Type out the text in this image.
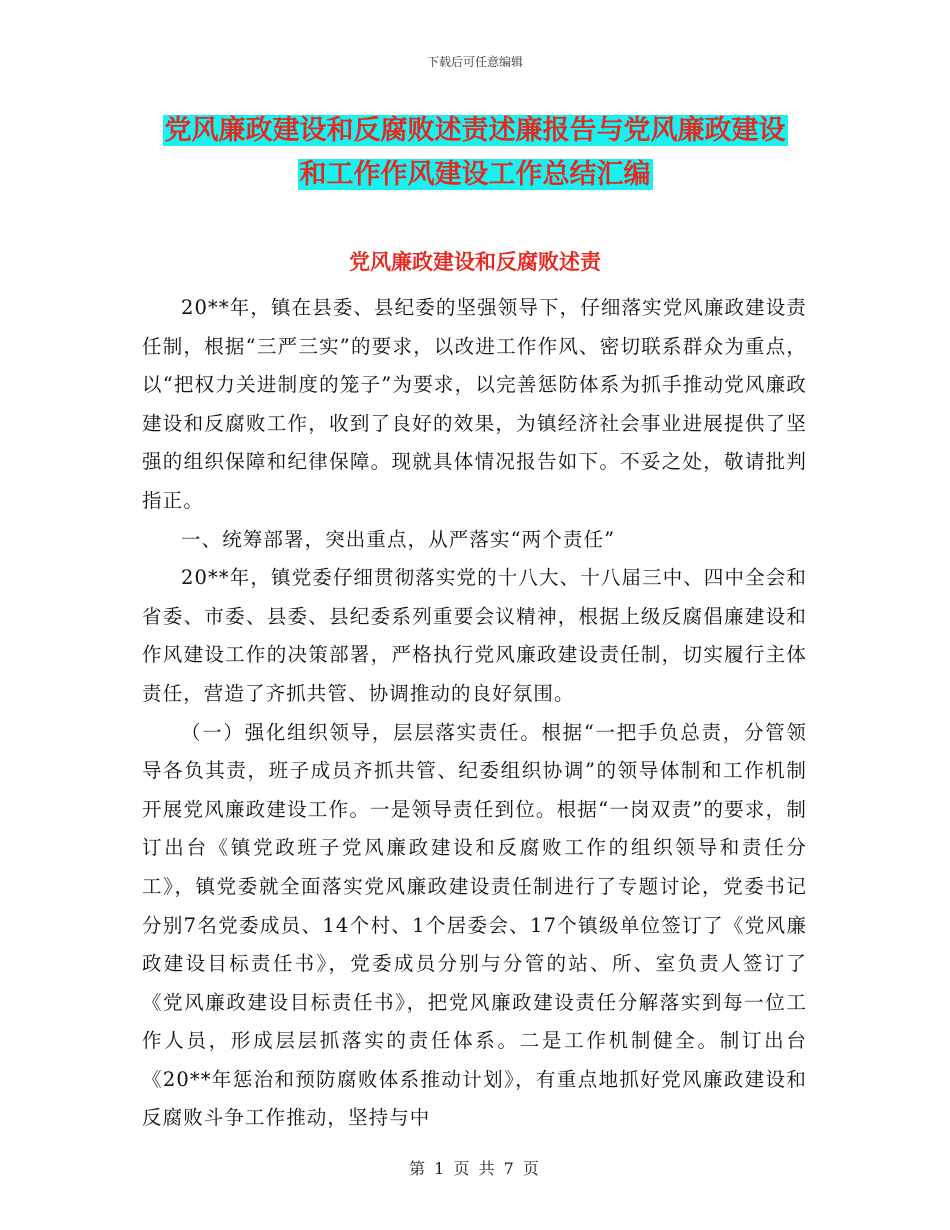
下载后可任意编辑
党风廉政建设和反腐败述责述廉报告与党风廉政建设
和工作作风建设工作总结汇编
党风廉政建设和反腐败述责

20**年，镇在县委、县纪委的坚强领导下，仔细落实党风廉政建设责任制，根据“三严三实”的要求，以改进工作作风、密切联系群众为重点，以“把权力关进制度的笼子”为要求，以完善惩防体系为抓手推动党风廉政建设和反腐败工作，收到了良好的效果，为镇经济社会事业进展提供了坚强的组织保障和纪律保障。现就具体情况报告如下。不妥之处，敬请批判指正。

一、统筹部署，突出重点，从严落实“两个责任”

20**年，镇党委仔细贯彻落实党的十八大、十八届三中、四中全会和省委、市委、县委、县纪委系列重要会议精神，根据上级反腐倡廉建设和作风建设工作的决策部署，严格执行党风廉政建设责任制，切实履行主体责任，营造了齐抓共管、协调推动的良好氛围。

（一）强化组织领导，层层落实责任。根据“一把手负总责，分管领导各负其责，班子成员齐抓共管、纪委组织协调”的领导体制和工作机制开展党风廉政建设工作。一是领导责任到位。根据“一岗双责”的要求，制订出台《镇党政班子党风廉政建设和反腐败工作的组织领导和责任分工》，镇党委就全面落实党风廉政建设责任制进行了专题讨论，党委书记分别7名党委成员、14个村、1个居委会、17个镇级单位签订了《党风廉政建设目标责任书》，党委成员分别与分管的站、所、室负责人签订了《党风廉政建设目标责任书》，把党风廉政建设责任分解落实到每一位工作人员，形成层层抓落实的责任体系。二是工作机制健全。制订出台《20**年惩治和预防腐败体系推动计划》，有重点地抓好党风廉政建设和反腐败斗争工作推动，坚持与中

第 1 页 共 7 页
